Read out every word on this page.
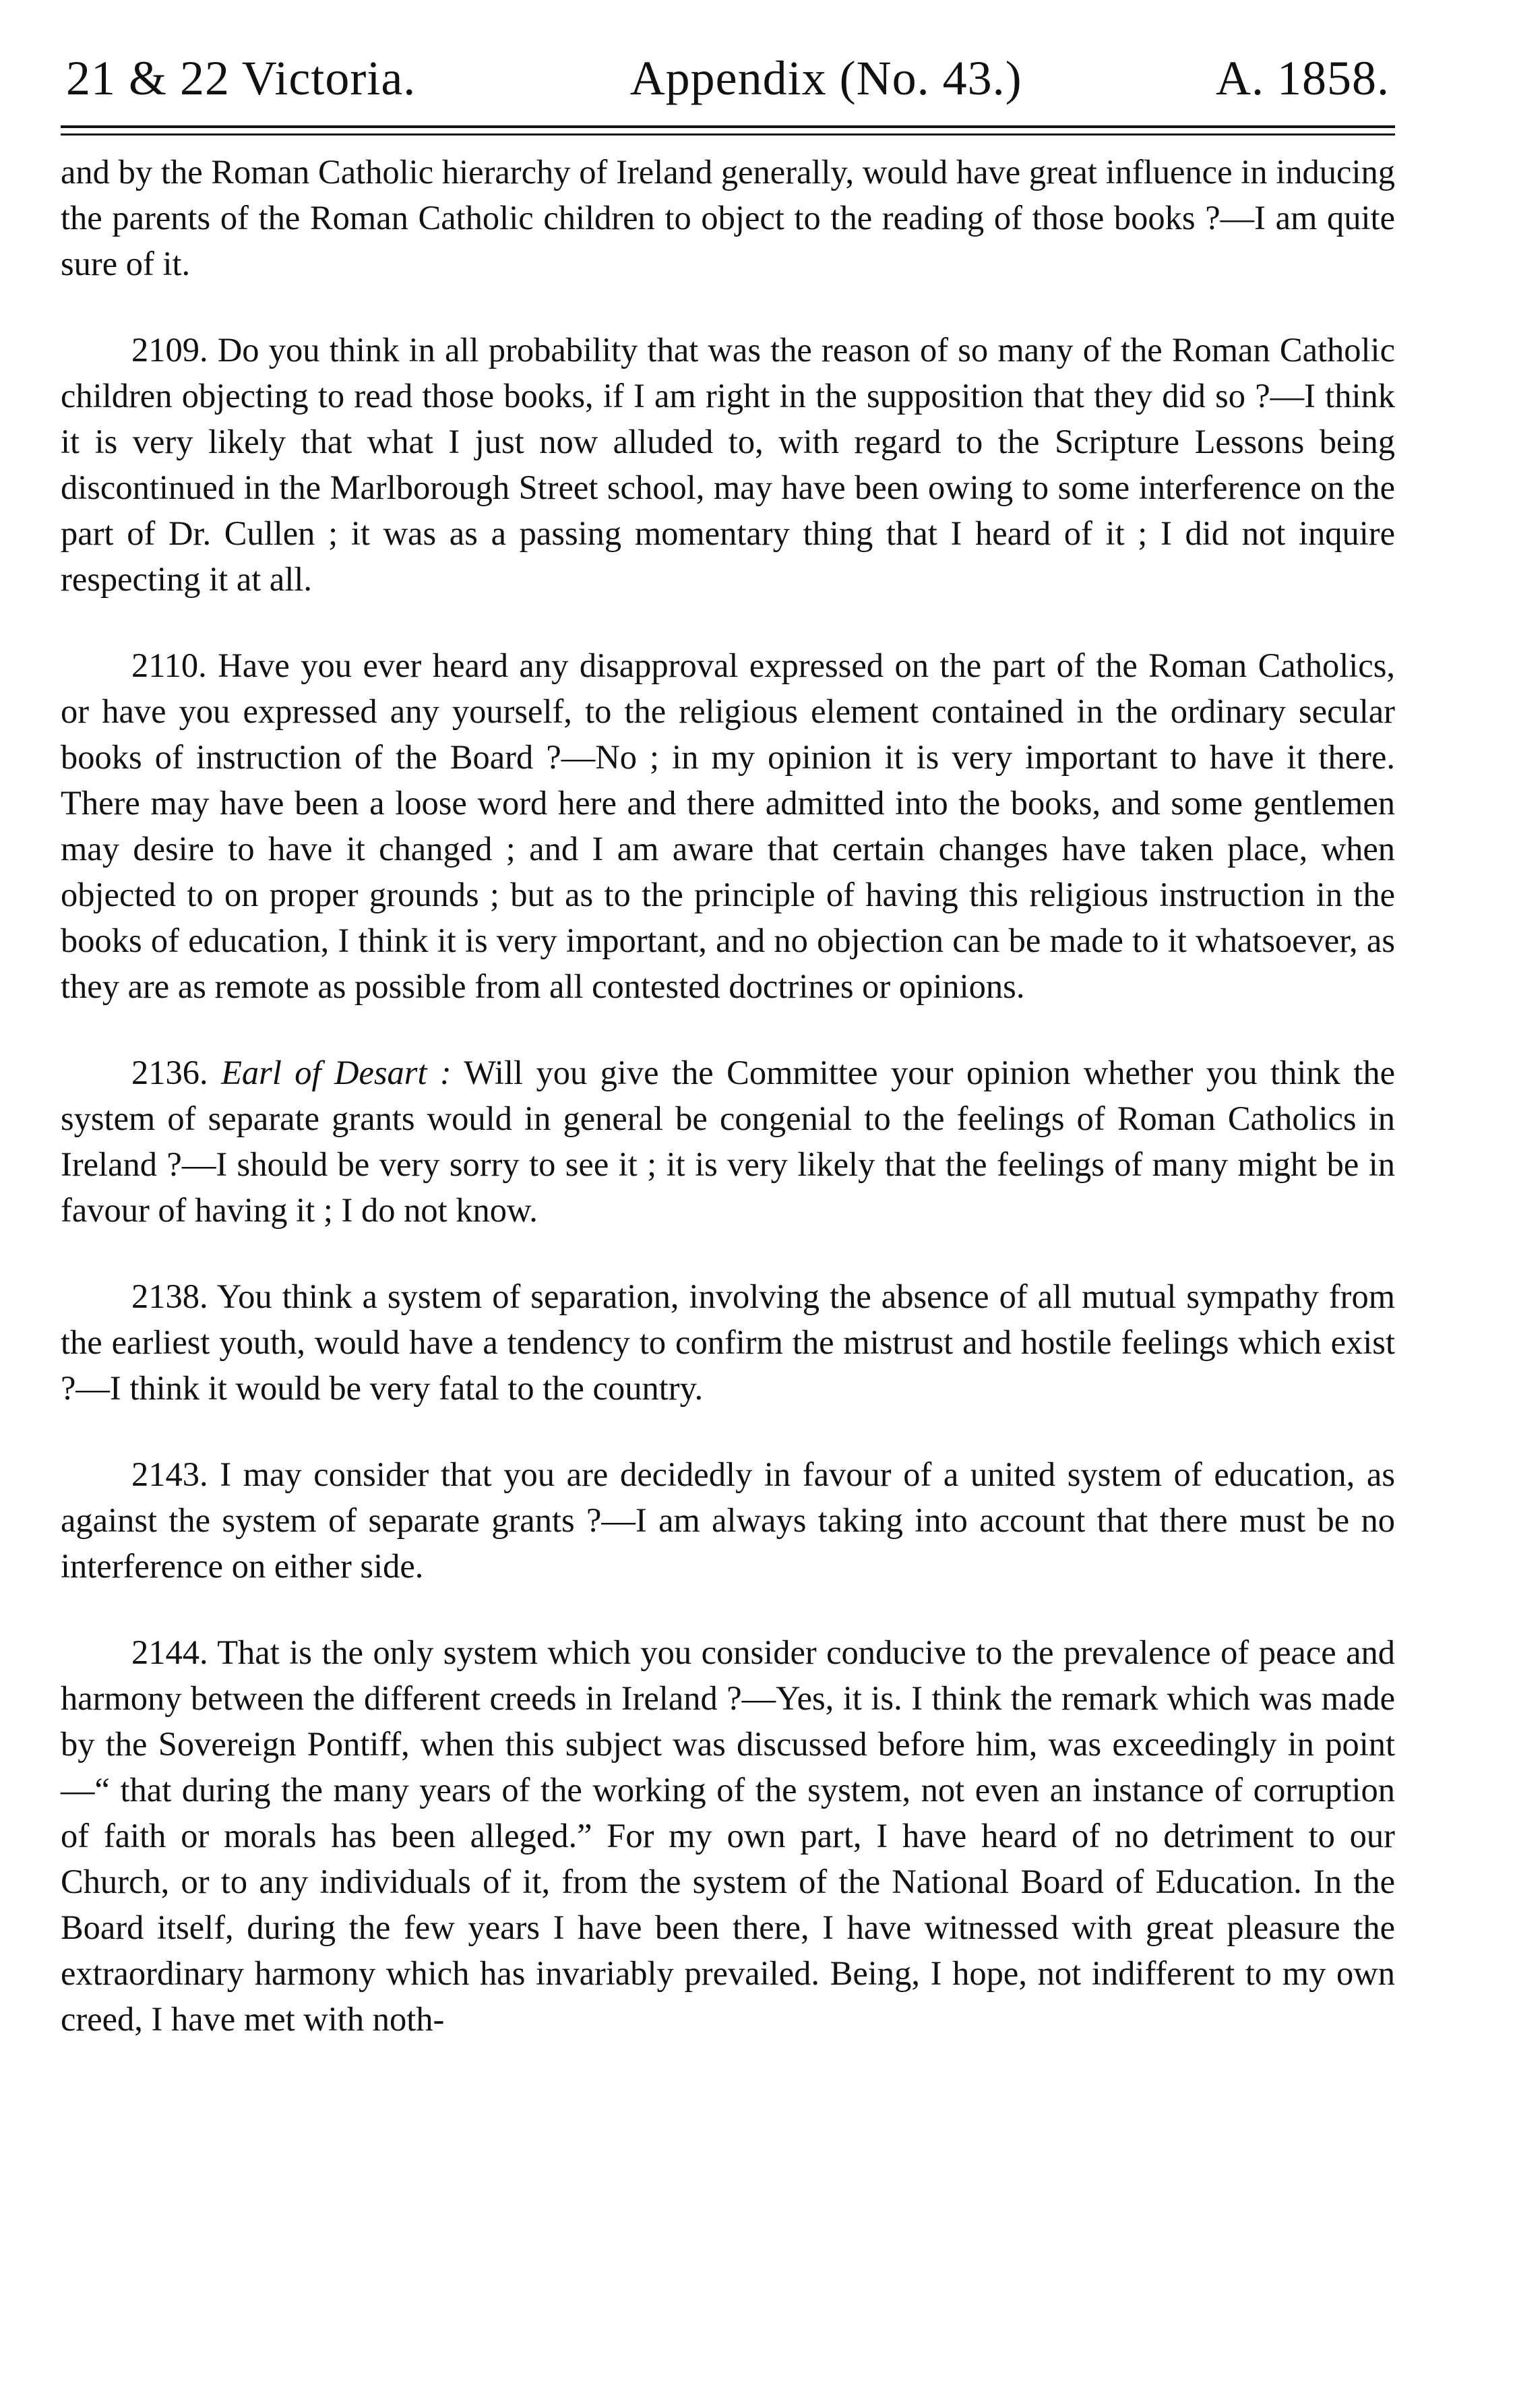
21 & 22 Victoria.	Appendix (No. 43.)	A. 1858.

and by the Roman Catholic hierarchy of Ireland generally, would have great influence in inducing the parents of the Roman Catholic children to object to the reading of those books ?—I am quite sure of it.

2109. Do you think in all probability that was the reason of so many of the Roman Catholic children objecting to read those books, if I am right in the supposition that they did so ?—I think it is very likely that what I just now alluded to, with regard to the Scripture Lessons being discontinued in the Marlborough Street school, may have been owing to some interference on the part of Dr. Cullen ; it was as a passing momentary thing that I heard of it ; I did not inquire respecting it at all.

2110. Have you ever heard any disapproval expressed on the part of the Roman Catholics, or have you expressed any yourself, to the religious element contained in the ordinary secular books of instruction of the Board ?—No ; in my opinion it is very important to have it there. There may have been a loose word here and there admitted into the books, and some gentlemen may desire to have it changed ; and I am aware that certain changes have taken place, when objected to on proper grounds ; but as to the principle of having this religious instruction in the books of education, I think it is very important, and no objection can be made to it whatsoever, as they are as remote as possible from all contested doctrines or opinions.

2136. Earl of Desart : Will you give the Committee your opinion whether you think the system of separate grants would in general be congenial to the feelings of Roman Catholics in Ireland ?—I should be very sorry to see it ; it is very likely that the feelings of many might be in favour of having it ; I do not know.

2138. You think a system of separation, involving the absence of all mutual sympathy from the earliest youth, would have a tendency to confirm the mistrust and hostile feelings which exist ?—I think it would be very fatal to the country.

2143. I may consider that you are decidedly in favour of a united system of education, as against the system of separate grants ?—I am always taking into account that there must be no interference on either side.

2144. That is the only system which you consider conducive to the prevalence of peace and harmony between the different creeds in Ireland ?—Yes, it is. I think the remark which was made by the Sovereign Pontiff, when this subject was discussed before him, was exceedingly in point—“ that during the many years of the working of the system, not even an instance of corruption of faith or morals has been alleged.” For my own part, I have heard of no detriment to our Church, or to any individuals of it, from the system of the National Board of Education. In the Board itself, during the few years I have been there, I have witnessed with great pleasure the extraordinary harmony which has invariably prevailed. Being, I hope, not indifferent to my own creed, I have met with noth-
